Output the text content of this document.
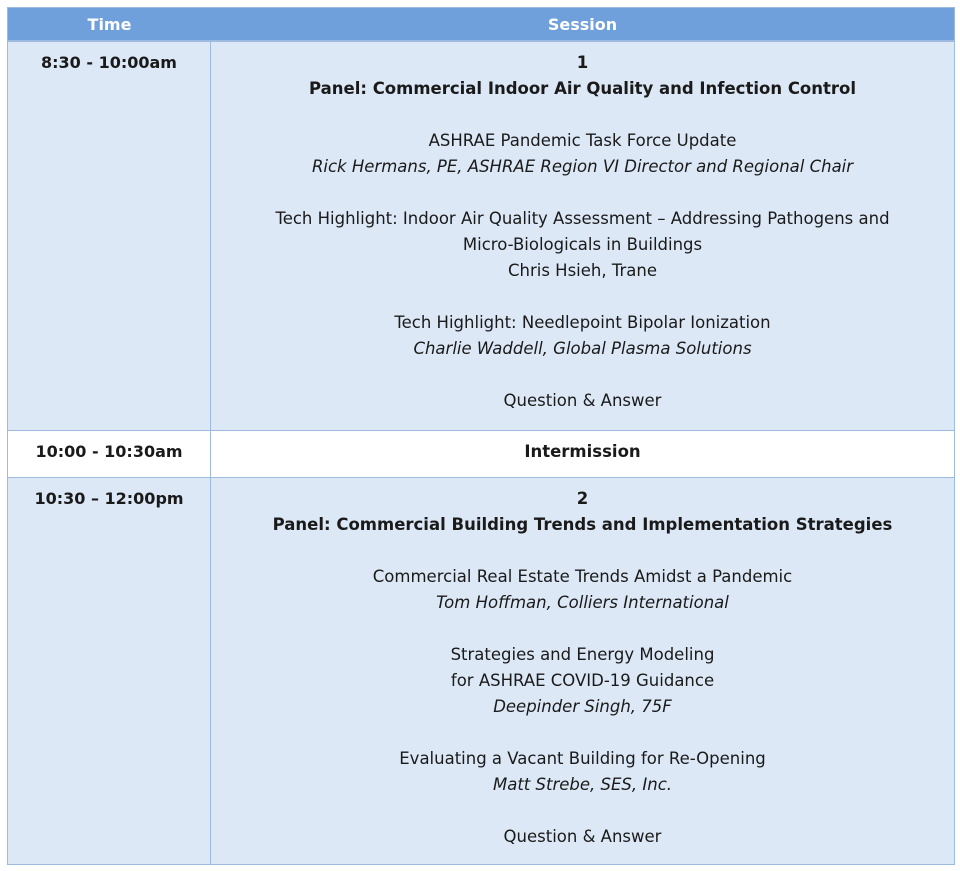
Time	Session
8:30 - 10:00am	1
Panel: Commercial Indoor Air Quality and Infection Control
ASHRAE Pandemic Task Force Update
Rick Hermans, PE, ASHRAE Region VI Director and Regional Chair
Tech Highlight: Indoor Air Quality Assessment – Addressing Pathogens and
Micro-Biologicals in Buildings
Chris Hsieh, Trane
Tech Highlight: Needlepoint Bipolar Ionization
Charlie Waddell, Global Plasma Solutions
Question & Answer
10:00 - 10:30am	Intermission
10:30 – 12:00pm	2
Panel: Commercial Building Trends and Implementation Strategies
Commercial Real Estate Trends Amidst a Pandemic
Tom Hoffman, Colliers International
Strategies and Energy Modeling
for ASHRAE COVID-19 Guidance
Deepinder Singh, 75F
Evaluating a Vacant Building for Re-Opening
Matt Strebe, SES, Inc.
Question & Answer
